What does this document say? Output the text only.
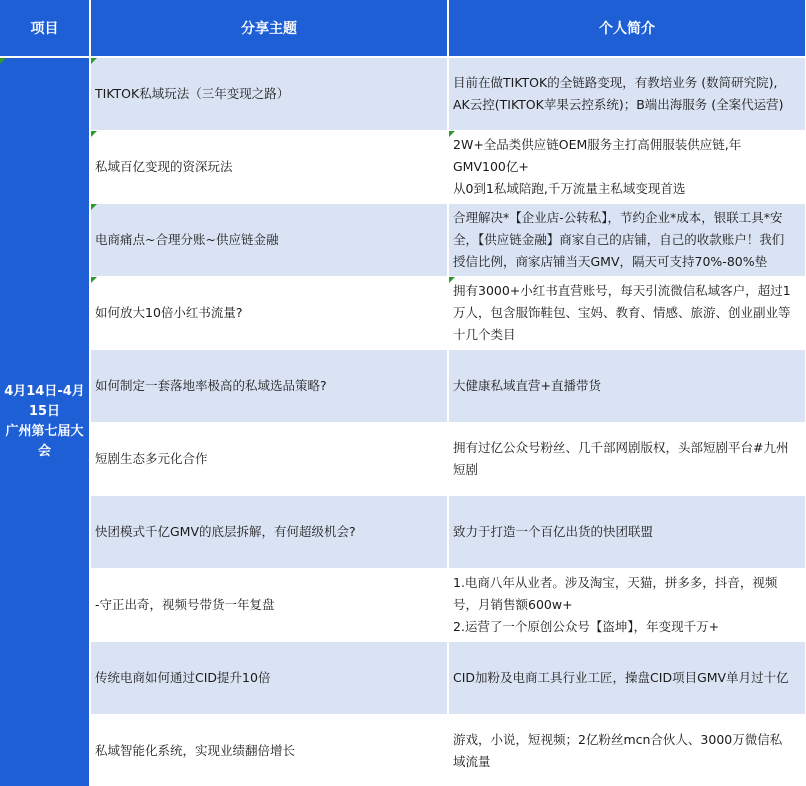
项目	分享主题	个人简介

4月14日-4月
15日
广州第七届大
会	TIKTOK私域玩法（三年变现之路）	目前在做TIKTOK的全链路变现，有教培业务 (数简研究院),
AK云控(TIKTOK苹果云控系统)；B端出海服务 (全案代运营)

私域百亿变现的资深玩法	2W+全品类供应链OEM服务主打高佣服装供应链,年
GMV100亿+
从0到1私域陪跑,千万流量主私域变现首选

电商痛点~合理分账~供应链金融	合理解决*【企业店-公转私】，节约企业*成本，银联工具*安
全，【供应链金融】商家自己的店铺，自己的收款账户！我们
授信比例，商家店铺当天GMV，隔天可支持70%-80%垫

如何放大10倍小红书流量?	拥有3000+小红书直营账号，每天引流微信私域客户，超过1
万人，包含服饰鞋包、宝妈、教育、情感、旅游、创业副业等
十几个类目

	如何制定一套落地率极高的私域选品策略?	大健康私域直营+直播带货

	短剧生态多元化合作	拥有过亿公众号粉丝、几千部网剧版权，头部短剧平台#九州
短剧

	快团模式千亿GMV的底层拆解，有何超级机会?	致力于打造一个百亿出货的快团联盟

	-守正出奇，视频号带货一年复盘	1.电商八年从业者。涉及淘宝，天猫，拼多多，抖音，视频
号，月销售额600w+
2.运营了一个原创公众号【盗坤】，年变现千万+

	传统电商如何通过CID提升10倍	CID加粉及电商工具行业工匠，操盘CID项目GMV单月过十亿

	私域智能化系统，实现业绩翻倍增长	游戏，小说，短视频；2亿粉丝mcn合伙人、3000万微信私
域流量
